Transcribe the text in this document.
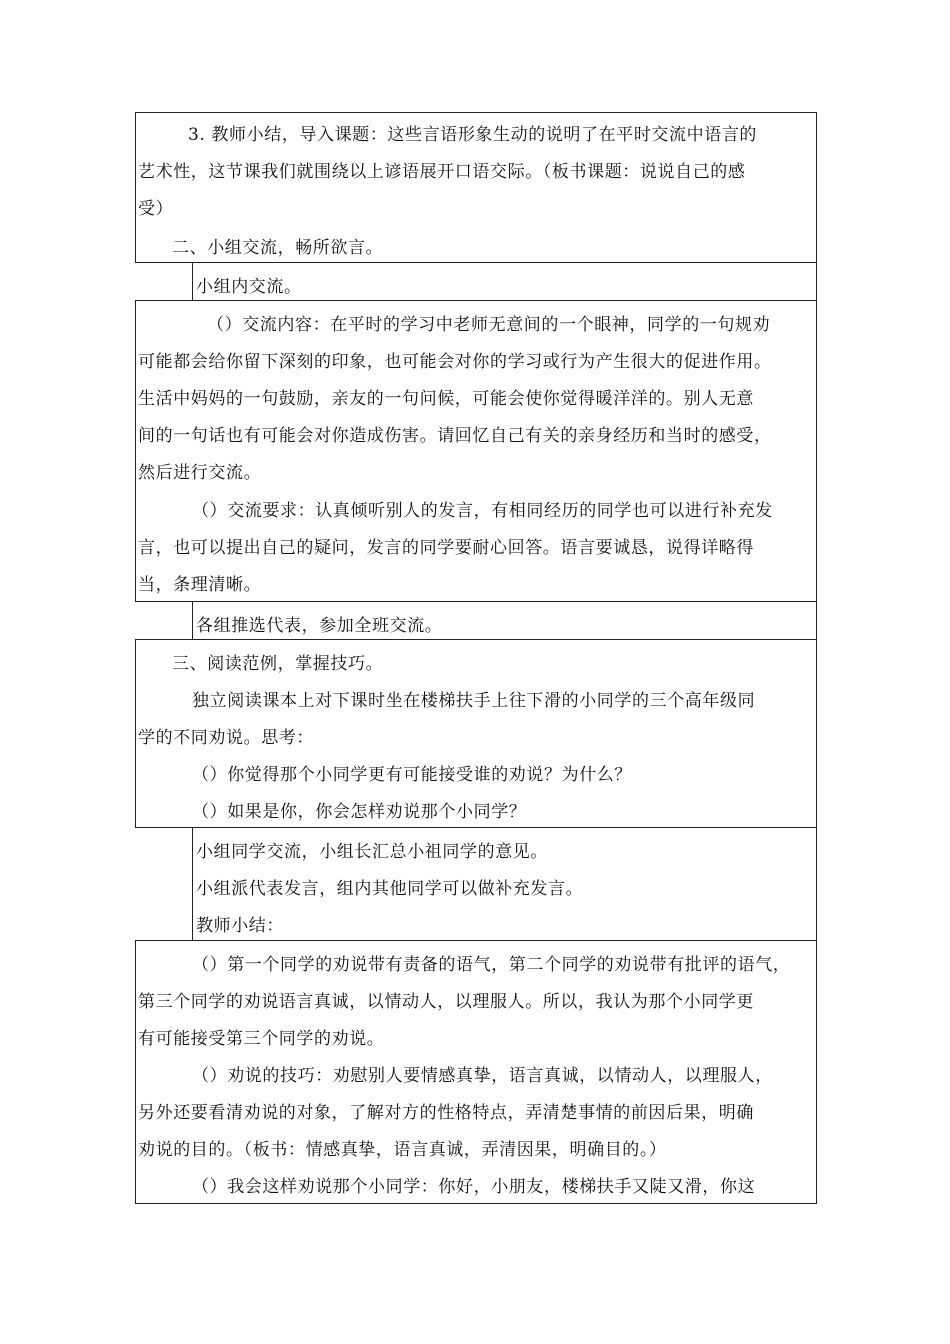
3. 教师小结，导入课题：这些言语形象生动的说明了在平时交流中语言的
艺术性，这节课我们就围绕以上谚语展开口语交际。（板书课题：说说自己的感
受）
二、小组交流，畅所欲言。
小组内交流。
（）交流内容：在平时的学习中老师无意间的一个眼神，同学的一句规劝
可能都会给你留下深刻的印象，也可能会对你的学习或行为产生很大的促进作用。
生活中妈妈的一句鼓励，亲友的一句问候，可能会使你觉得暖洋洋的。别人无意
间的一句话也有可能会对你造成伤害。请回忆自己有关的亲身经历和当时的感受，
然后进行交流。
（）交流要求：认真倾听别人的发言，有相同经历的同学也可以进行补充发
言，也可以提出自己的疑问，发言的同学要耐心回答。语言要诚恳，说得详略得
当，条理清晰。
各组推选代表，参加全班交流。
三、阅读范例，掌握技巧。
独立阅读课本上对下课时坐在楼梯扶手上往下滑的小同学的三个高年级同
学的不同劝说。思考：
（）你觉得那个小同学更有可能接受谁的劝说？为什么？
（）如果是你，你会怎样劝说那个小同学？
小组同学交流，小组长汇总小祖同学的意见。
小组派代表发言，组内其他同学可以做补充发言。
教师小结：
（）第一个同学的劝说带有责备的语气，第二个同学的劝说带有批评的语气，
第三个同学的劝说语言真诚，以情动人，以理服人。所以，我认为那个小同学更
有可能接受第三个同学的劝说。
（）劝说的技巧：劝慰别人要情感真挚，语言真诚，以情动人，以理服人，
另外还要看清劝说的对象，了解对方的性格特点，弄清楚事情的前因后果，明确
劝说的目的。（板书：情感真挚，语言真诚，弄清因果，明确目的。）
（）我会这样劝说那个小同学：你好，小朋友，楼梯扶手又陡又滑，你这
